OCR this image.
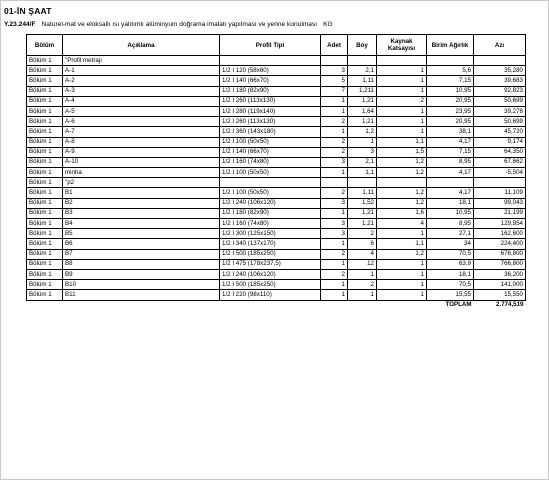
01-İN ŞAAT
Y.23.244/F Naturel-mat ve eloksallı ısı yalıtımlı alüminyum doğrama imalatı yapılması ve yerine konulması KG
Bölüm	Açıklama	Profil Tipi	Adet	Boy	Kaynak Katsayısı	Birim Ağırlık	Azı
Bölüm 1	"Profil metrajı						
Bölüm 1	A-1	1/2 I 120 (58x60)	3	2,1	1	5,6	35,280
Bölüm 1	A-2	1/2 I 140 (66x70)	5	1,11	1	7,15	39,683
Bölüm 1	A-3	1/2 I 180 (82x90)	7	1,211	1	10,95	92,823
Bölüm 1	A-4	1/2 I 260 (113x130)	1	1,21	2	20,95	50,699
Bölüm 1	A-5	1/2 I 280 (119x140)	1	1,64	1	23,95	39,278
Bölüm 1	A-6	1/2 I 260 (113x130)	2	1,21	1	20,95	50,699
Bölüm 1	A-7	1/2 I 360 (143x180)	1	1,2	1	38,1	45,720
Bölüm 1	A-8	1/2 I 100 (50x50)	2	1	1,1	4,17	9,174
Bölüm 1	A-9	1/2 I 140 (66x70)	2	3	1,5	7,15	64,350
Bölüm 1	A-10	1/2 I 160 (74x80)	3	2,1	1,2	8,95	67,662
Bölüm 1	minha	1/2 I 100 (50x50)	1	1,1	1,2	4,17	-5,504
Bölüm 1	"p2						
Bölüm 1	B1	1/2 I 100 (50x50)	2	1,11	1,2	4,17	11,109
Bölüm 1	B2	1/2 I 240 (106x120)	3	1,52	1,2	18,1	99,043
Bölüm 1	B3	1/2 I 180 (82x90)	1	1,21	1,6	10,95	21,199
Bölüm 1	B4	1/2 I 160 (74x80)	3	1,21	4	8,95	129,954
Bölüm 1	B5	1/2 I 300 (125x150)	3	2	1	27,1	162,600
Bölüm 1	B6	1/2 I 340 (137x170)	1	6	1,1	34	224,400
Bölüm 1	B7	1/2 I 500 (185x250)	2	4	1,2	70,5	676,800
Bölüm 1	B8	1/2 I 475 (178x237,5)	1	12	1	63,9	766,800
Bölüm 1	B9	1/2 I 240 (106x120)	2	1	1	18,1	36,200
Bölüm 1	B10	1/2 I 500 (185x250)	1	2	1	70,5	141,000
Bölüm 1	B11	1/2 I 220 (98x110)	1	1	1	15,55	15,550
						TOPLAM	2.774,519
